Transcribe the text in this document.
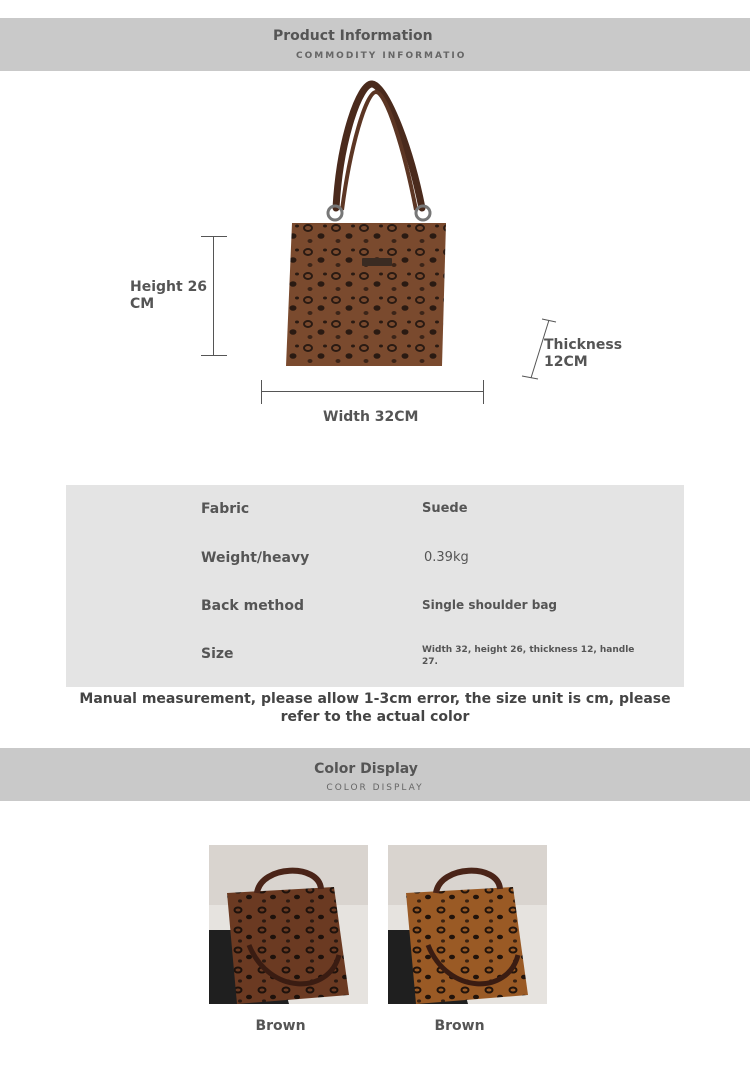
Product Information
COMMODITY INFORMATIO
Height 26
CM
Width 32CM
Thickness
12CM
Fabric	Suede
Weight/heavy	0.39kg
Back method	Single shoulder bag
Size	Width 32, height 26, thickness 12, handle 27.
Manual measurement, please allow 1-3cm error, the size unit is cm, please refer to the actual color
Color Display
COLOR DISPLAY
Brown	Brown
